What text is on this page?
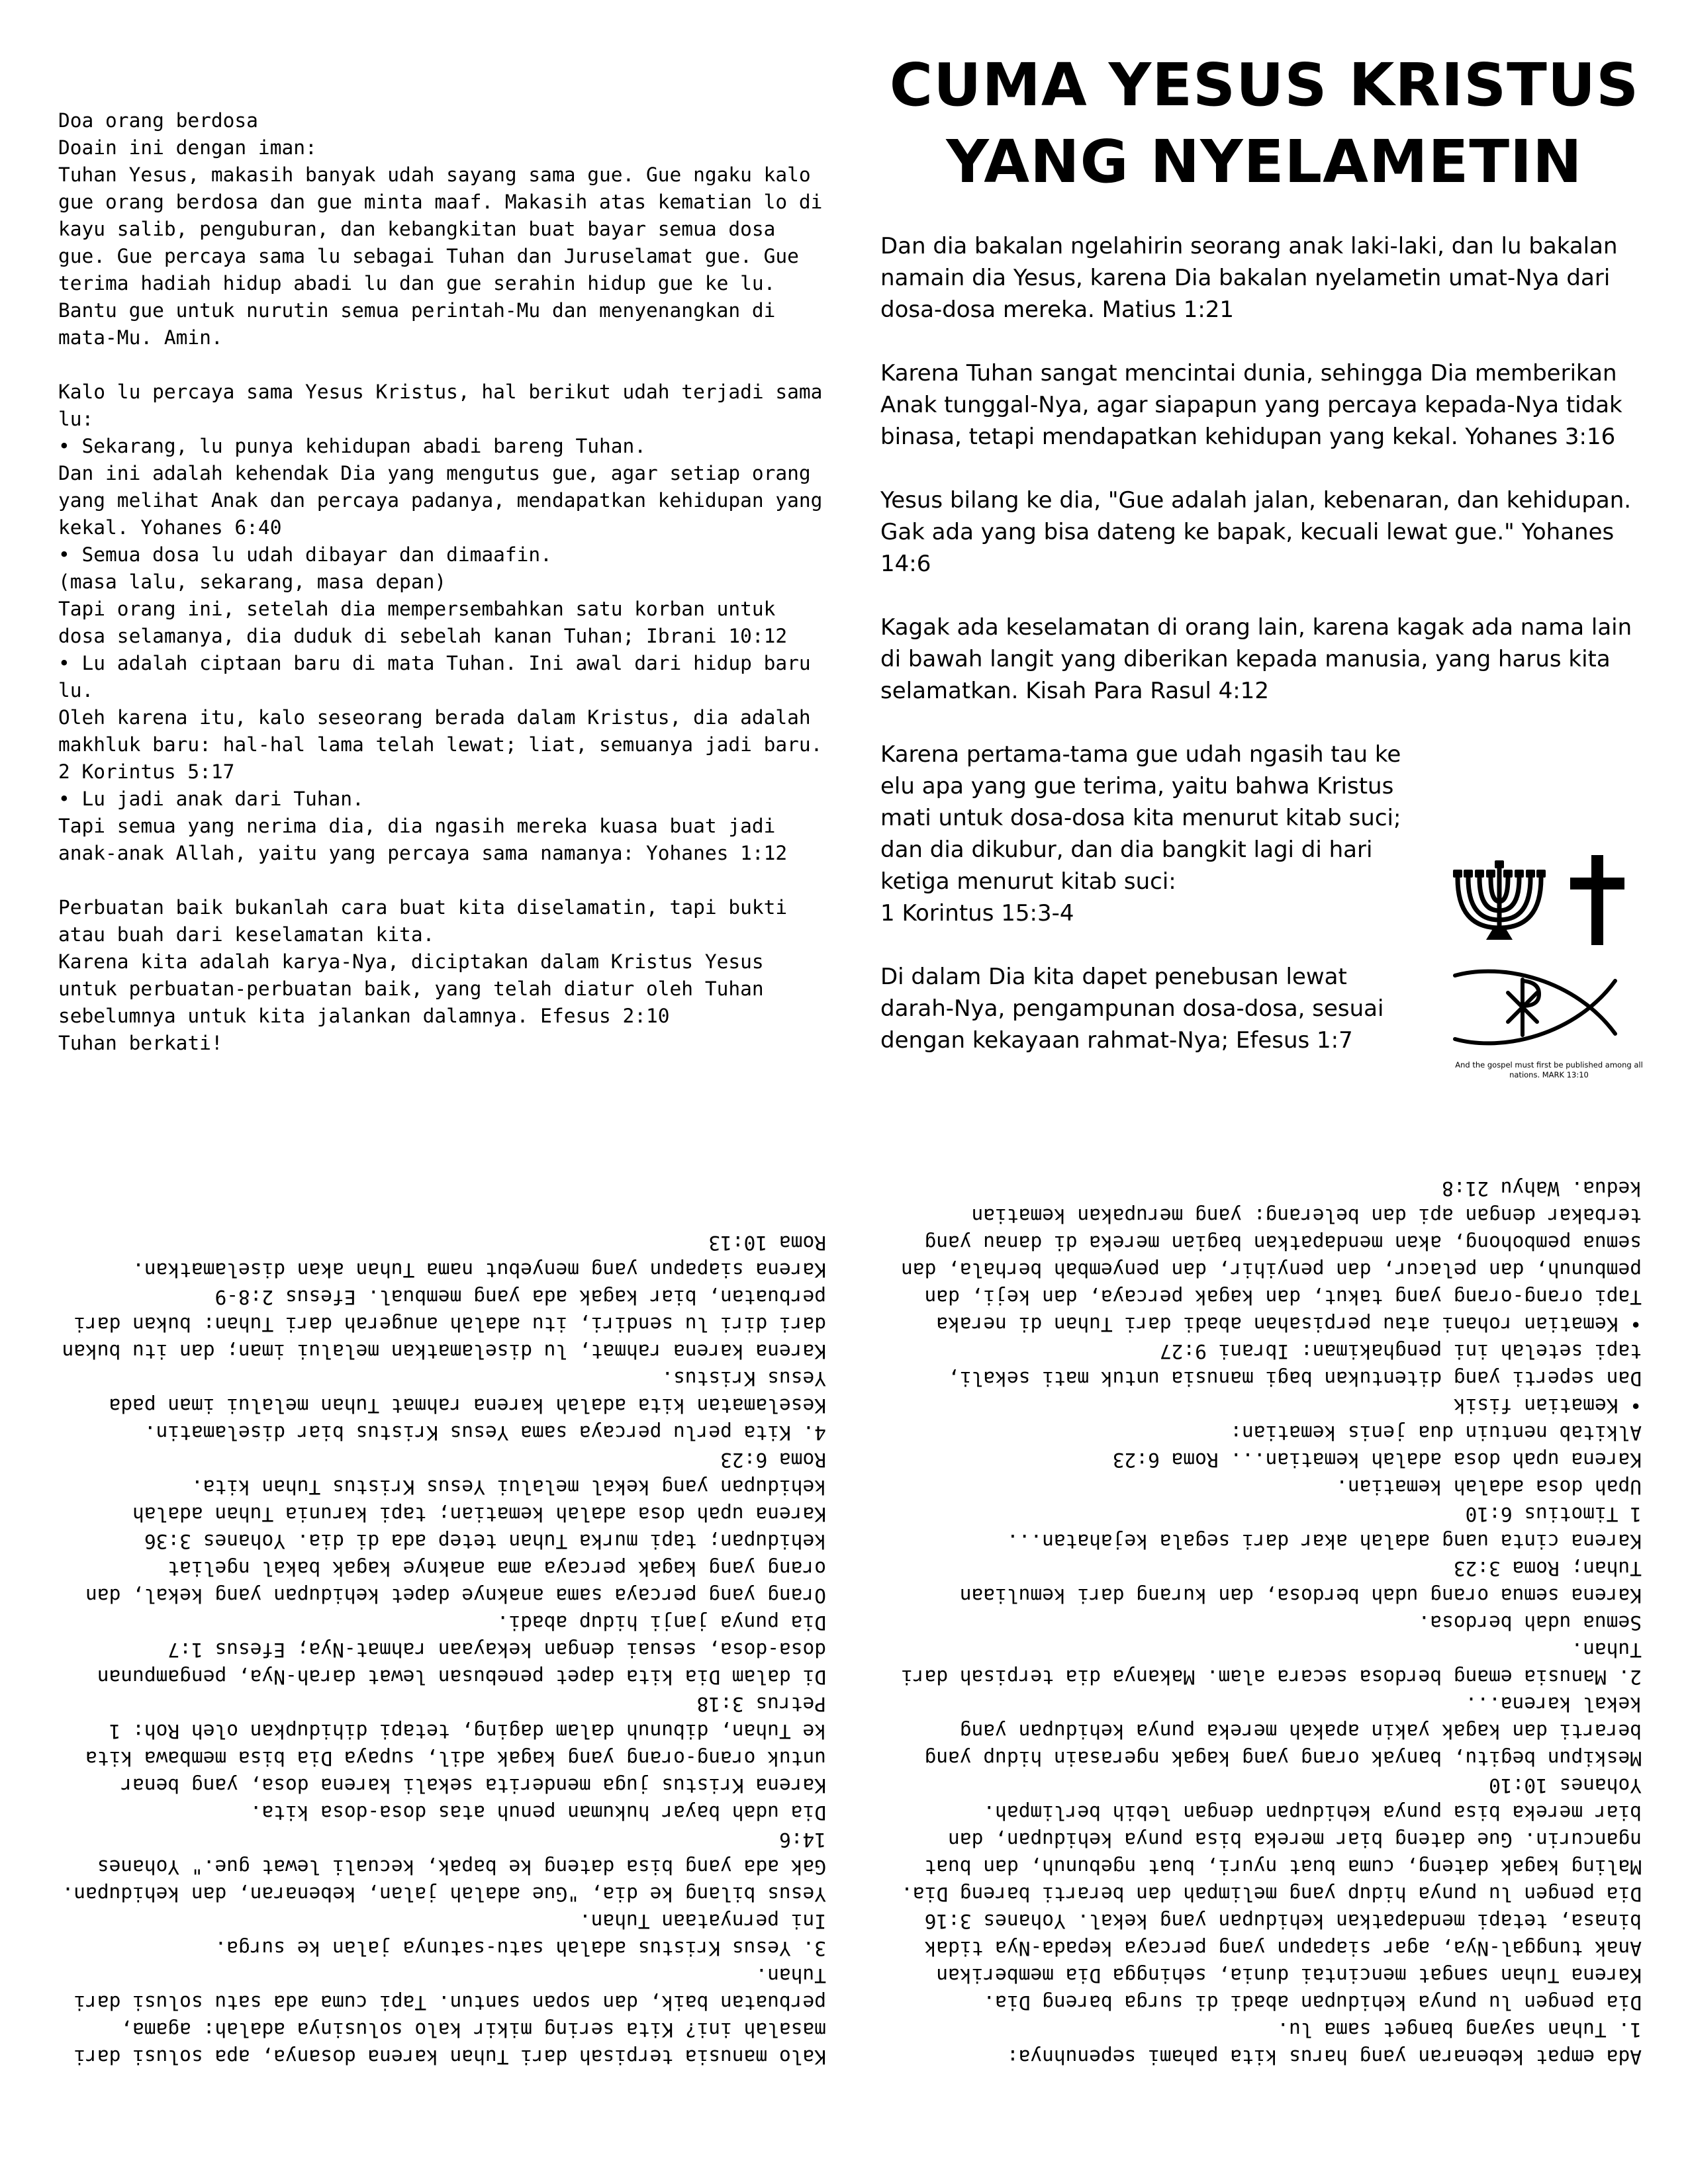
Doa orang berdosa
Doain ini dengan iman:
Tuhan Yesus, makasih banyak udah sayang sama gue. Gue ngaku kalo gue orang berdosa dan gue minta maaf. Makasih atas kematian lo di kayu salib, penguburan, dan kebangkitan buat bayar semua dosa gue. Gue percaya sama lu sebagai Tuhan dan Juruselamat gue. Gue terima hadiah hidup abadi lu dan gue serahin hidup gue ke lu. Bantu gue untuk nurutin semua perintah-Mu dan menyenangkan di mata-Mu. Amin.

Kalo lu percaya sama Yesus Kristus, hal berikut udah terjadi sama lu:
• Sekarang, lu punya kehidupan abadi bareng Tuhan.
Dan ini adalah kehendak Dia yang mengutus gue, agar setiap orang yang melihat Anak dan percaya padanya, mendapatkan kehidupan yang kekal. Yohanes 6:40
• Semua dosa lu udah dibayar dan dimaafin.
(masa lalu, sekarang, masa depan)
Tapi orang ini, setelah dia mempersembahkan satu korban untuk dosa selamanya, dia duduk di sebelah kanan Tuhan; Ibrani 10:12
• Lu adalah ciptaan baru di mata Tuhan. Ini awal dari hidup baru lu.
Oleh karena itu, kalo seseorang berada dalam Kristus, dia adalah makhluk baru: hal-hal lama telah lewat; liat, semuanya jadi baru. 2 Korintus 5:17
• Lu jadi anak dari Tuhan.
Tapi semua yang nerima dia, dia ngasih mereka kuasa buat jadi anak-anak Allah, yaitu yang percaya sama namanya: Yohanes 1:12

Perbuatan baik bukanlah cara buat kita diselamatin, tapi bukti atau buah dari keselamatan kita.
Karena kita adalah karya-Nya, diciptakan dalam Kristus Yesus untuk perbuatan-perbuatan baik, yang telah diatur oleh Tuhan sebelumnya untuk kita jalankan dalamnya. Efesus 2:10
Tuhan berkati!

CUMA YESUS KRISTUS YANG NYELAMETIN

Dan dia bakalan ngelahirin seorang anak laki-laki, dan lu bakalan namain dia Yesus, karena Dia bakalan nyelametin umat-Nya dari dosa-dosa mereka. Matius 1:21

Karena Tuhan sangat mencintai dunia, sehingga Dia memberikan Anak tunggal-Nya, agar siapapun yang percaya kepada-Nya tidak binasa, tetapi mendapatkan kehidupan yang kekal. Yohanes 3:16

Yesus bilang ke dia, "Gue adalah jalan, kebenaran, dan kehidupan. Gak ada yang bisa dateng ke bapak, kecuali lewat gue." Yohanes 14:6

Kagak ada keselamatan di orang lain, karena kagak ada nama lain di bawah langit yang diberikan kepada manusia, yang harus kita selamatkan. Kisah Para Rasul 4:12

Karena pertama-tama gue udah ngasih tau ke elu apa yang gue terima, yaitu bahwa Kristus mati untuk dosa-dosa kita menurut kitab suci; dan dia dikubur, dan dia bangkit lagi di hari ketiga menurut kitab suci:
1 Korintus 15:3-4

Di dalam Dia kita dapet penebusan lewat darah-Nya, pengampunan dosa-dosa, sesuai dengan kekayaan rahmat-Nya; Efesus 1:7

And the gospel must first be published among all nations. MARK 13:10

Kalo manusia terpisah dari Tuhan karena dosanya, apa solusi dari masalah ini? Kita sering mikir kalo solusinya adalah: agama, perbuatan baik, dan sopan santun. Tapi cuma ada satu solusi dari Tuhan.
3. Yesus Kristus adalah satu-satunya jalan ke surga.
Ini pernyataan Tuhan.
Yesus bilang ke dia, "Gue adalah jalan, kebenaran, dan kehidupan. Gak ada yang bisa dateng ke bapak, kecuali lewat gue." Yohanes 14:6
Dia udah bayar hukuman penuh atas dosa-dosa kita.
Karena Kristus juga menderita sekali karena dosa, yang benar untuk orang-orang yang kagak adil, supaya Dia bisa membawa kita ke Tuhan, dibunuh dalam daging, tetapi dihidupkan oleh Roh: 1 Petrus 3:18
Di dalam Dia kita dapet penebusan lewat darah-Nya, pengampunan dosa-dosa, sesuai dengan kekayaan rahmat-Nya; Efesus 1:7
Dia punya janji hidup abadi.
Orang yang percaya sama anaknye dapet kehidupan yang kekal, dan orang yang kagak percaya ama anaknye kagak bakal ngeliat kehidupan; tapi murka Tuhan tetep ada di dia. Yohanes 3:36
Karena upah dosa adalah kematian; tapi karunia Tuhan adalah kehidupan yang kekal melalui Yesus Kristus Tuhan kita.
Roma 6:23
4. Kita perlu percaya sama Yesus Kristus biar diselamatin.
Keselamatan kita adalah karena rahmat Tuhan melalui iman pada Yesus Kristus.
Karena karena rahmat, lu diselamatkan melalui iman; dan itu bukan dari diri lu sendiri, itu adalah anugerah dari Tuhan: bukan dari perbuatan, biar kagak ada yang membual. Efesus 2:8-9
Karena siapapun yang menyebut nama Tuhan akan diselamatkan.
Roma 10:13

Ada empat kebenaran yang harus kita pahami sepenuhnya:
1. Tuhan sayang banget sama lu.
Dia pengen lu punya kehidupan abadi di surga bareng Dia.
Karena Tuhan sangat mencintai dunia, sehingga Dia memberikan Anak tunggal-Nya, agar siapapun yang percaya kepada-Nya tidak binasa, tetapi mendapatkan kehidupan yang kekal. Yohanes 3:16
Dia pengen lu punya hidup yang melimpah dan berarti bareng Dia.
Maling kagak dateng, cuma buat nyuri, buat ngebunuh, dan buat ngancurin. Gue dateng biar mereka bisa punya kehidupan, dan biar mereka bisa punya kehidupan dengan lebih berlimpah.
Yohanes 10:10
Meskipun begitu, banyak orang yang kagak ngerasain hidup yang berarti dan kagak yakin apakah mereka punya kehidupan yang kekal karena...
2. Manusia emang berdosa secara alam. Makanya dia terpisah dari Tuhan.
Semua udah berdosa.
Karena semua orang udah berdosa, dan kurang dari kemuliaan Tuhan; Roma 3:23
Karena cinta uang adalah akar dari segala kejahatan...
1 Timotius 6:10
Upah dosa adalah kematian.
Karena upah dosa adalah kematian... Roma 6:23
Alkitab nentuin dua jenis kematian:
• Kematian fisik
Dan seperti yang ditentukan bagi manusia untuk mati sekali, tapi setelah ini penghakiman: Ibrani 9:27
• Kematian rohani atau perpisahan abadi dari Tuhan di neraka
Tapi orang-orang yang takut, dan kagak percaya, dan keji, dan pembunuh, dan pelacur, dan penyihir, dan penyembah berhala, dan semua pembohong, akan mendapatkan bagian mereka di danau yang terbakar dengan api dan belerang: yang merupakan kematian kedua. Wahyu 21:8
